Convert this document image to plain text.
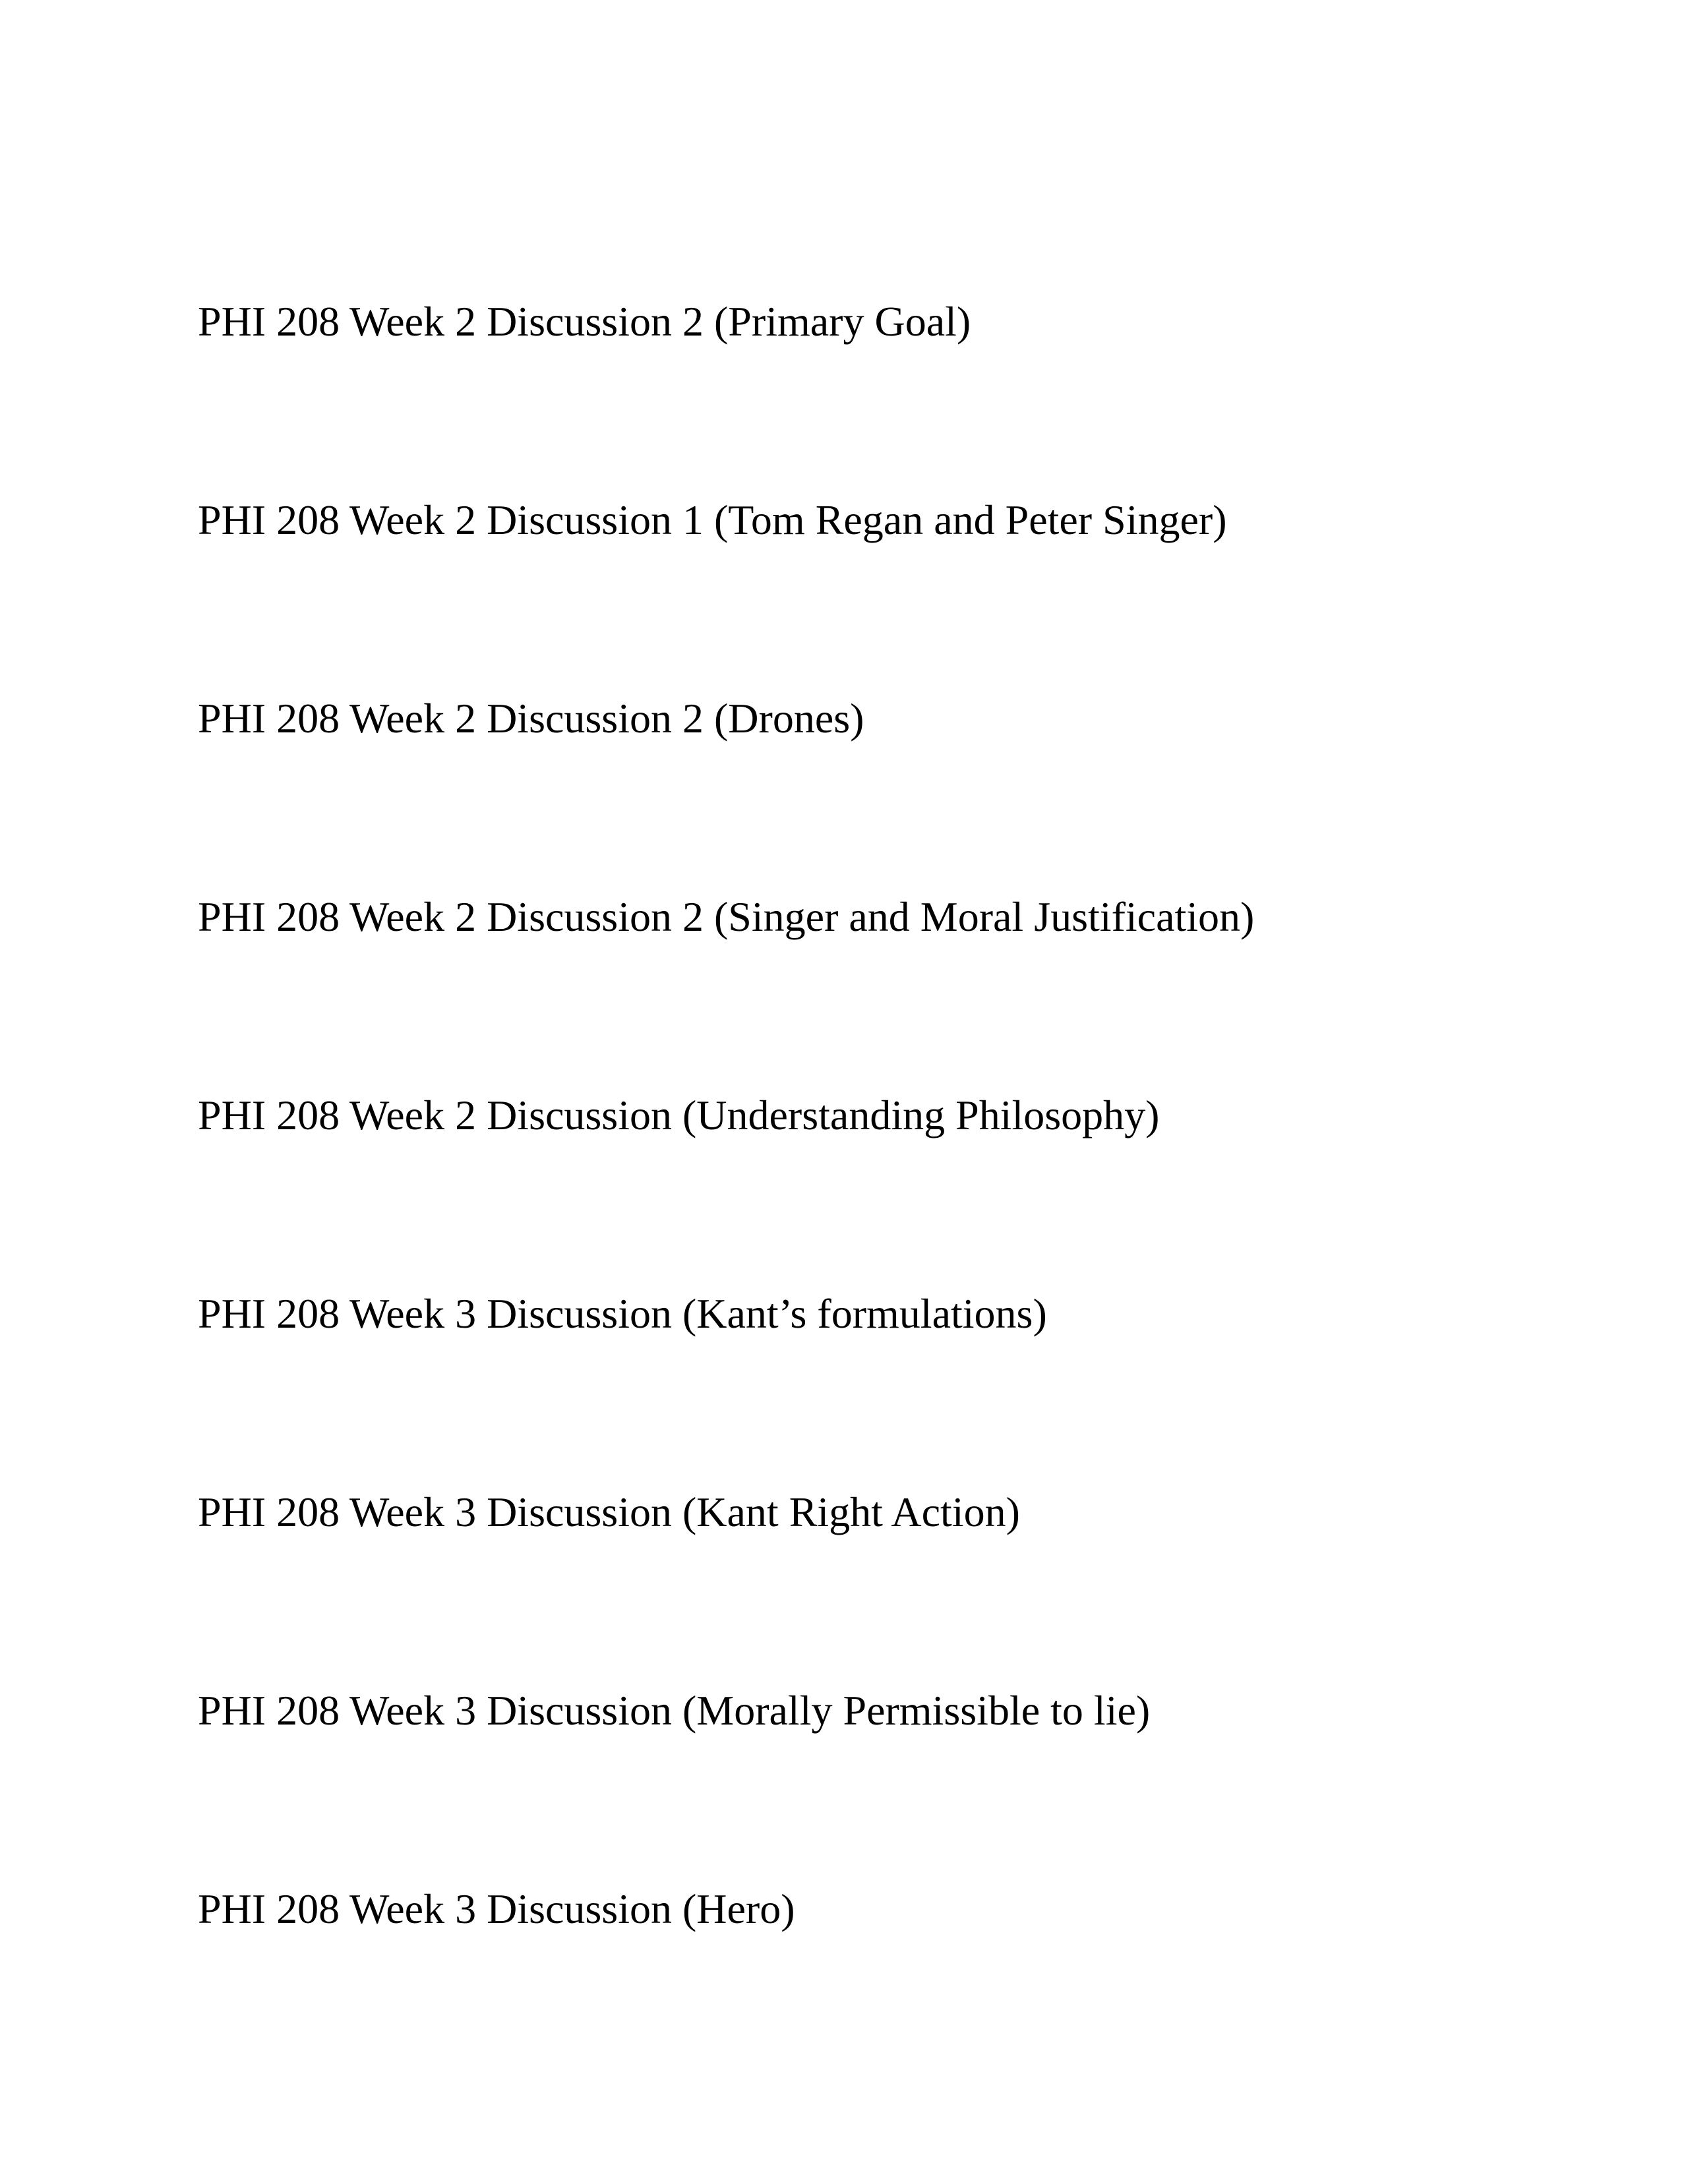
PHI 208 Week 2 Discussion 2 (Primary Goal)
PHI 208 Week 2 Discussion 1 (Tom Regan and Peter Singer)
PHI 208 Week 2 Discussion 2 (Drones)
PHI 208 Week 2 Discussion 2 (Singer and Moral Justification)
PHI 208 Week 2 Discussion (Understanding Philosophy)
PHI 208 Week 3 Discussion (Kant’s formulations)
PHI 208 Week 3 Discussion (Kant Right Action)
PHI 208 Week 3 Discussion (Morally Permissible to lie)
PHI 208 Week 3 Discussion (Hero)
